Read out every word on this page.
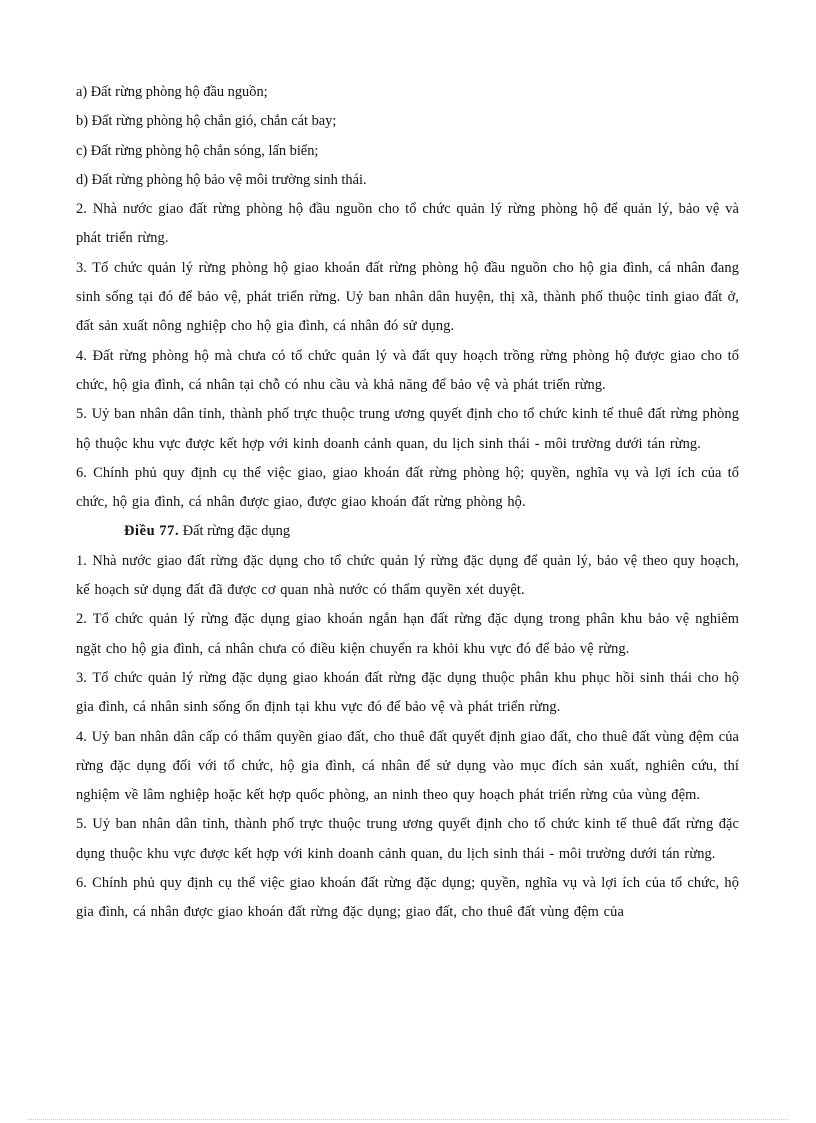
a) Đất rừng phòng hộ đầu nguồn;

b) Đất rừng phòng hộ chắn gió, chắn cát bay;

c) Đất rừng phòng hộ chắn sóng, lấn biển;

d) Đất rừng phòng hộ bảo vệ môi trường sinh thái.

2. Nhà nước giao đất rừng phòng hộ đầu nguồn cho tổ chức quản lý rừng phòng hộ để quản lý, bảo vệ và phát triển rừng.

3. Tổ chức quản lý rừng phòng hộ giao khoán đất rừng phòng hộ đầu nguồn cho hộ gia đình, cá nhân đang sinh sống tại đó để bảo vệ, phát triển rừng. Uỷ ban nhân dân huyện, thị xã, thành phố thuộc tỉnh giao đất ở, đất sản xuất nông nghiệp cho hộ gia đình, cá nhân đó sử dụng.

4. Đất rừng phòng hộ mà chưa có tổ chức quản lý và đất quy hoạch trồng rừng phòng hộ được giao cho tổ chức, hộ gia đình, cá nhân tại chỗ có nhu cầu và khả năng để bảo vệ và phát triển rừng.

5. Uỷ ban nhân dân tỉnh, thành phố trực thuộc trung ương quyết định cho tổ chức kinh tế thuê đất rừng phòng hộ thuộc khu vực được kết hợp với kinh doanh cảnh quan, du lịch sinh thái - môi trường dưới tán rừng.

6. Chính phủ quy định cụ thể việc giao, giao khoán đất rừng phòng hộ; quyền, nghĩa vụ và lợi ích của tổ chức, hộ gia đình, cá nhân được giao, được giao khoán đất rừng phòng hộ.

Điều 77. Đất rừng đặc dụng

1. Nhà nước giao đất rừng đặc dụng cho tổ chức quản lý rừng đặc dụng để quản lý, bảo vệ theo quy hoạch, kế hoạch sử dụng đất đã được cơ quan nhà nước có thẩm quyền xét duyệt.

2. Tổ chức quản lý rừng đặc dụng giao khoán ngắn hạn đất rừng đặc dụng trong phân khu bảo vệ nghiêm ngặt cho hộ gia đình, cá nhân chưa có điều kiện chuyển ra khỏi khu vực đó để bảo vệ rừng.

3. Tổ chức quản lý rừng đặc dụng giao khoán đất rừng đặc dụng thuộc phân khu phục hồi sinh thái cho hộ gia đình, cá nhân sinh sống ổn định tại khu vực đó để bảo vệ và phát triển rừng.

4. Uỷ ban nhân dân cấp có thẩm quyền giao đất, cho thuê đất quyết định giao đất, cho thuê đất vùng đệm của rừng đặc dụng đối với tổ chức, hộ gia đình, cá nhân để sử dụng vào mục đích sản xuất, nghiên cứu, thí nghiệm về lâm nghiệp hoặc kết hợp quốc phòng, an ninh theo quy hoạch phát triển rừng của vùng đệm.

5. Uỷ ban nhân dân tỉnh, thành phố trực thuộc trung ương quyết định cho tổ chức kinh tế thuê đất rừng đặc dụng thuộc khu vực được kết hợp với kinh doanh cảnh quan, du lịch sinh thái - môi trường dưới tán rừng.

6. Chính phủ quy định cụ thể việc giao khoán đất rừng đặc dụng; quyền, nghĩa vụ và lợi ích của tổ chức, hộ gia đình, cá nhân được giao khoán đất rừng đặc dụng; giao đất, cho thuê đất vùng đệm của
